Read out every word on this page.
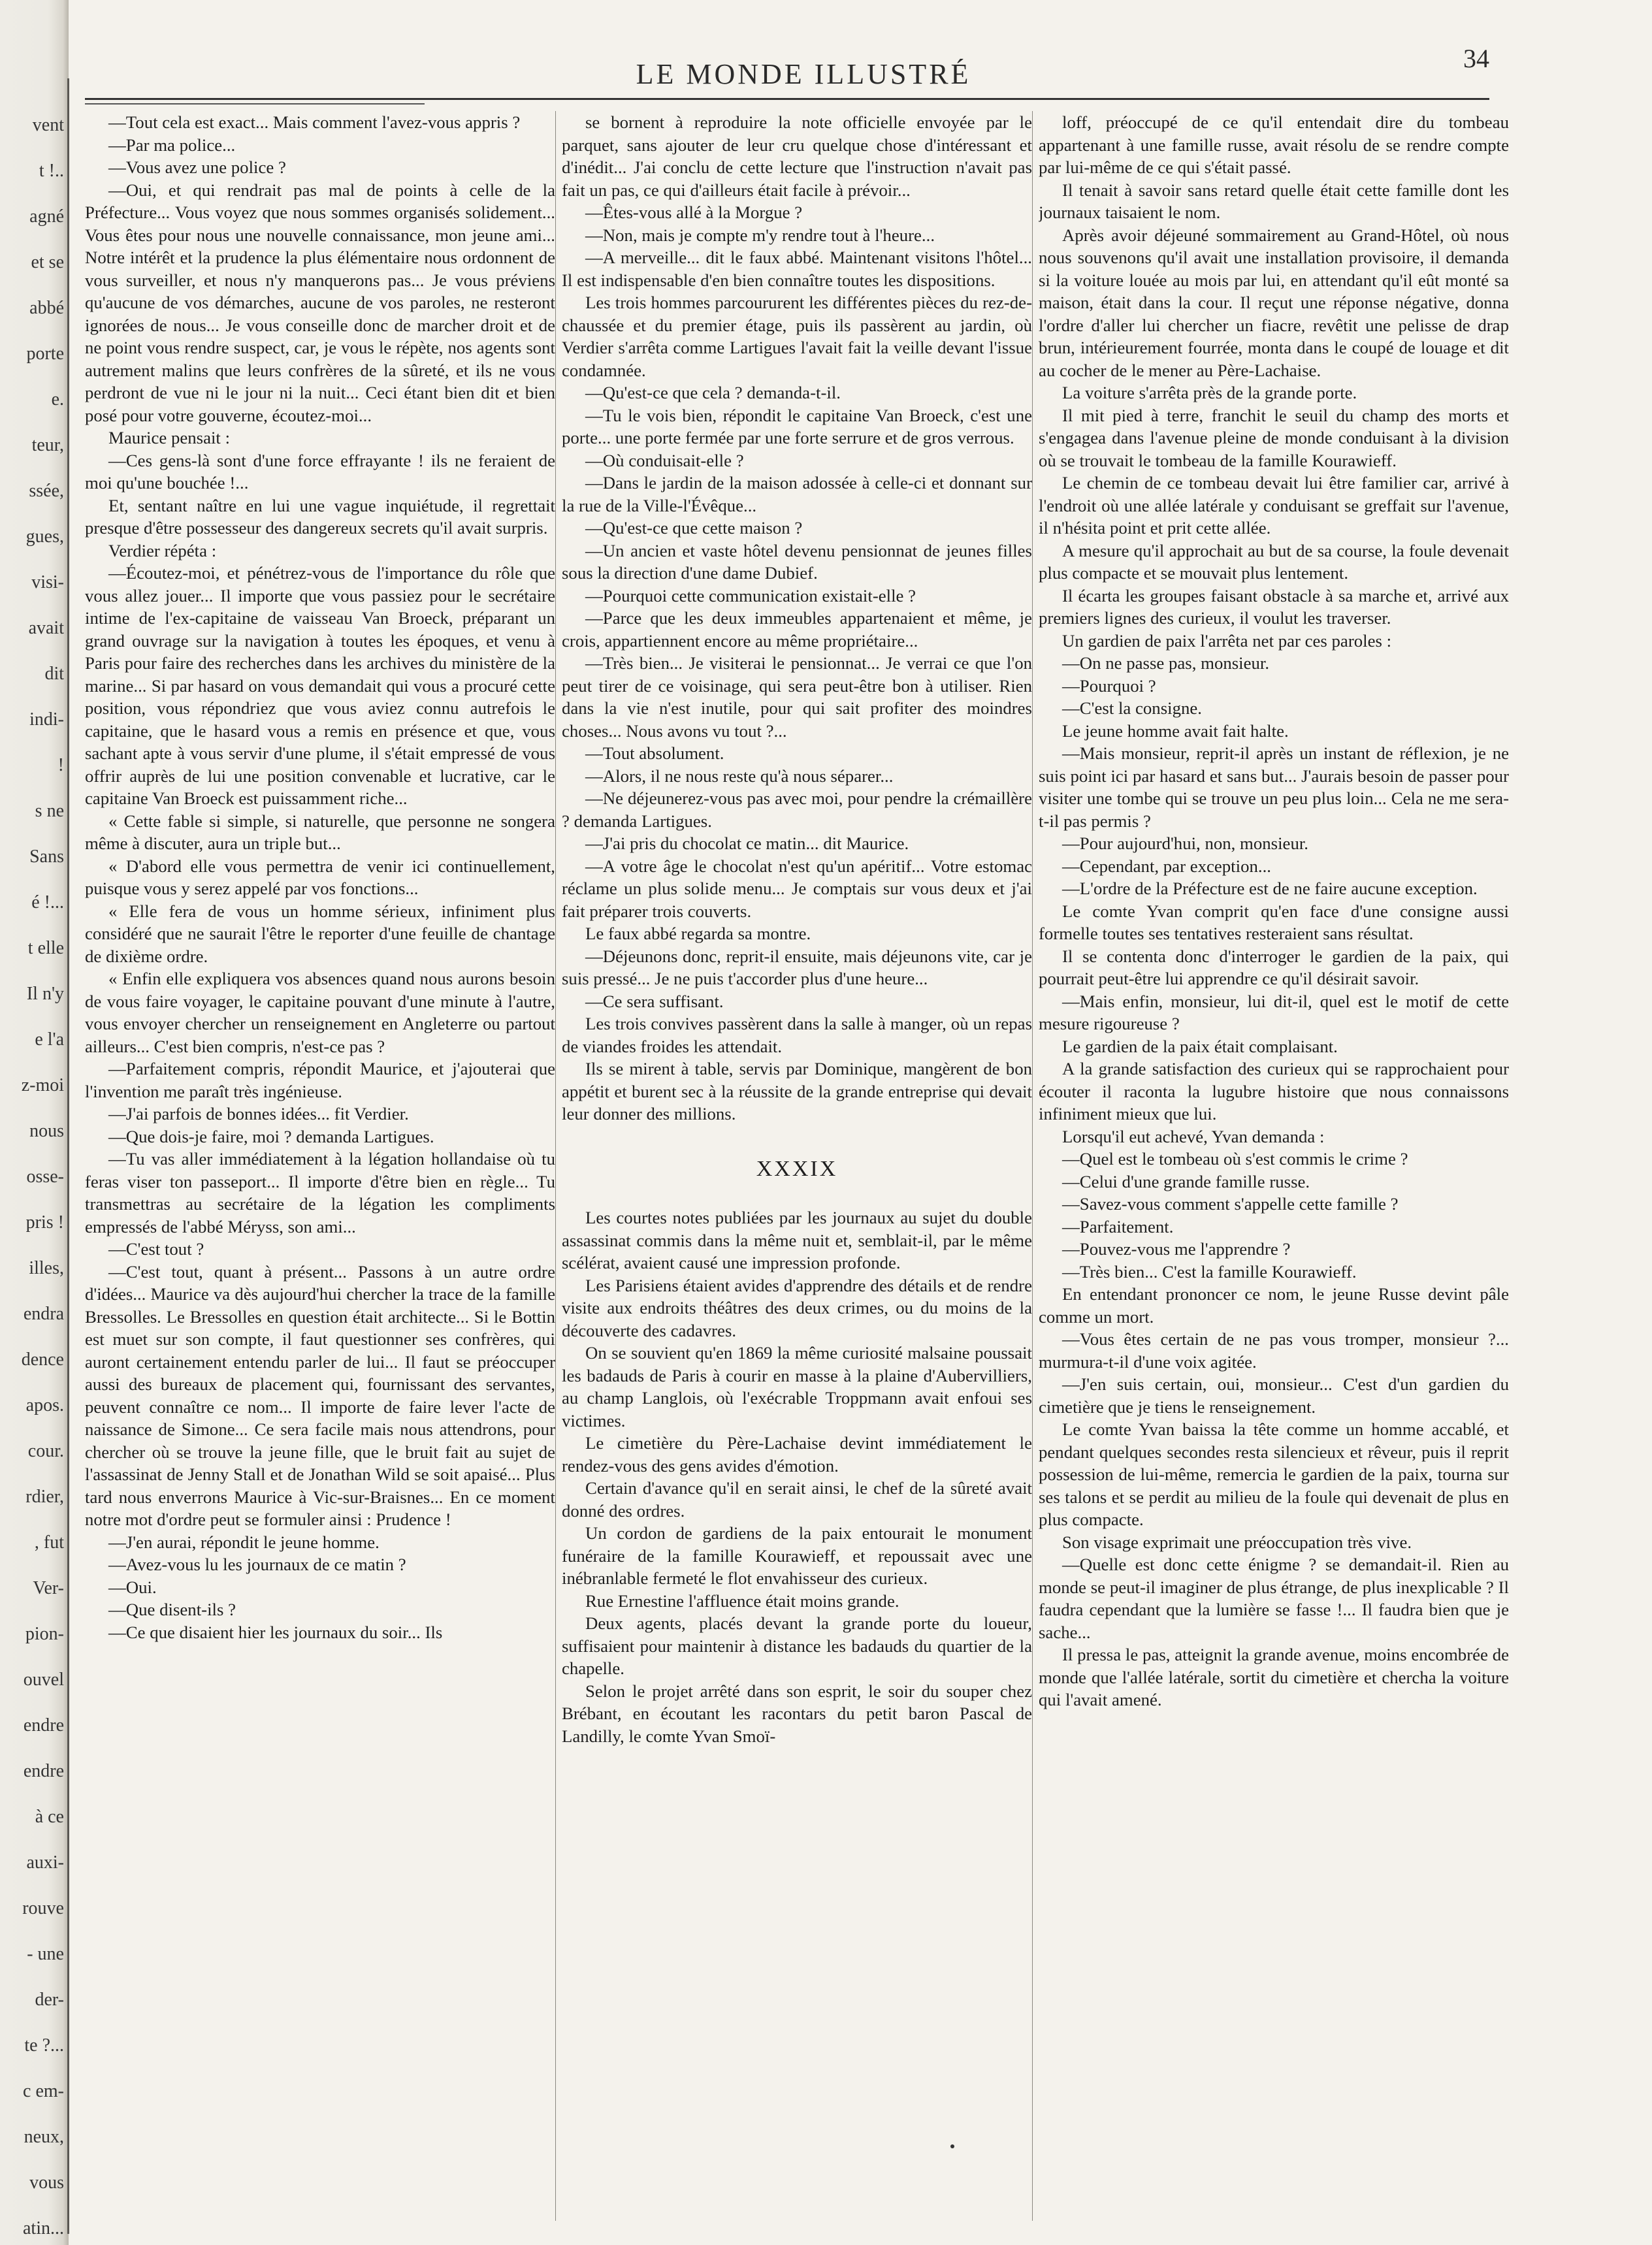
vent
t !..
agné
et se
abbé
porte
e.
teur,
ssée,
gues,
visi-
avait
dit
indi-
!
s ne
Sans
é !...
t elle
Il n'y
e l'a
z-moi
nous
osse-
pris !
illes,
endra
dence
apos.
cour.
rdier,
, fut
Ver-
pion-
ouvel
endre
endre
à ce
auxi-
rouve
- une
der-
te ?...
c em-
neux,
vous
atin...
LE MONDE ILLUSTRÉ	34

—Tout cela est exact... Mais comment l'avez-vous appris ?

—Par ma police...

—Vous avez une police ?

—Oui, et qui rendrait pas mal de points à celle de la Préfecture... Vous voyez que nous sommes organisés solidement... Vous êtes pour nous une nouvelle connaissance, mon jeune ami... Notre intérêt et la prudence la plus élémentaire nous ordonnent de vous surveiller, et nous n'y manquerons pas... Je vous préviens qu'aucune de vos démarches, aucune de vos paroles, ne resteront ignorées de nous... Je vous conseille donc de marcher droit et de ne point vous rendre suspect, car, je vous le répète, nos agents sont autrement malins que leurs confrères de la sûreté, et ils ne vous perdront de vue ni le jour ni la nuit... Ceci étant bien dit et bien posé pour votre gouverne, écoutez-moi...

Maurice pensait :

—Ces gens-là sont d'une force effrayante ! ils ne feraient de moi qu'une bouchée !...

Et, sentant naître en lui une vague inquiétude, il regrettait presque d'être possesseur des dangereux secrets qu'il avait surpris.

Verdier répéta :

—Écoutez-moi, et pénétrez-vous de l'importance du rôle que vous allez jouer... Il importe que vous passiez pour le secrétaire intime de l'ex-capitaine de vaisseau Van Broeck, préparant un grand ouvrage sur la navigation à toutes les époques, et venu à Paris pour faire des recherches dans les archives du ministère de la marine... Si par hasard on vous demandait qui vous a procuré cette position, vous répondriez que vous aviez connu autrefois le capitaine, que le hasard vous a remis en présence et que, vous sachant apte à vous servir d'une plume, il s'était empressé de vous offrir auprès de lui une position convenable et lucrative, car le capitaine Van Broeck est puissamment riche...

« Cette fable si simple, si naturelle, que personne ne songera même à discuter, aura un triple but...

« D'abord elle vous permettra de venir ici continuellement, puisque vous y serez appelé par vos fonctions...

« Elle fera de vous un homme sérieux, infiniment plus considéré que ne saurait l'être le reporter d'une feuille de chantage de dixième ordre.

« Enfin elle expliquera vos absences quand nous aurons besoin de vous faire voyager, le capitaine pouvant d'une minute à l'autre, vous envoyer chercher un renseignement en Angleterre ou partout ailleurs... C'est bien compris, n'est-ce pas ?

—Parfaitement compris, répondit Maurice, et j'ajouterai que l'invention me paraît très ingénieuse.

—J'ai parfois de bonnes idées... fit Verdier.

—Que dois-je faire, moi ? demanda Lartigues.

—Tu vas aller immédiatement à la légation hollandaise où tu feras viser ton passeport... Il importe d'être bien en règle... Tu transmettras au secrétaire de la légation les compliments empressés de l'abbé Méryss, son ami...

—C'est tout ?

—C'est tout, quant à présent... Passons à un autre ordre d'idées... Maurice va dès aujourd'hui chercher la trace de la famille Bressolles. Le Bressolles en question était architecte... Si le Bottin est muet sur son compte, il faut questionner ses confrères, qui auront certainement entendu parler de lui... Il faut se préoccuper aussi des bureaux de placement qui, fournissant des servantes, peuvent connaître ce nom... Il importe de faire lever l'acte de naissance de Simone... Ce sera facile mais nous attendrons, pour chercher où se trouve la jeune fille, que le bruit fait au sujet de l'assassinat de Jenny Stall et de Jonathan Wild se soit apaisé... Plus tard nous enverrons Maurice à Vic-sur-Braisnes... En ce moment notre mot d'ordre peut se formuler ainsi : Prudence !

—J'en aurai, répondit le jeune homme.

—Avez-vous lu les journaux de ce matin ?

—Oui.

—Que disent-ils ?

—Ce que disaient hier les journaux du soir... Ils

se bornent à reproduire la note officielle envoyée par le parquet, sans ajouter de leur cru quelque chose d'intéressant et d'inédit... J'ai conclu de cette lecture que l'instruction n'avait pas fait un pas, ce qui d'ailleurs était facile à prévoir...

—Êtes-vous allé à la Morgue ?

—Non, mais je compte m'y rendre tout à l'heure...

—A merveille... dit le faux abbé. Maintenant visitons l'hôtel... Il est indispensable d'en bien connaître toutes les dispositions.

Les trois hommes parcoururent les différentes pièces du rez-de-chaussée et du premier étage, puis ils passèrent au jardin, où Verdier s'arrêta comme Lartigues l'avait fait la veille devant l'issue condamnée.

—Qu'est-ce que cela ? demanda-t-il.

—Tu le vois bien, répondit le capitaine Van Broeck, c'est une porte... une porte fermée par une forte serrure et de gros verrous.

—Où conduisait-elle ?

—Dans le jardin de la maison adossée à celle-ci et donnant sur la rue de la Ville-l'Évêque...

—Qu'est-ce que cette maison ?

—Un ancien et vaste hôtel devenu pensionnat de jeunes filles sous la direction d'une dame Dubief.

—Pourquoi cette communication existait-elle ?

—Parce que les deux immeubles appartenaient et même, je crois, appartiennent encore au même propriétaire...

—Très bien... Je visiterai le pensionnat... Je verrai ce que l'on peut tirer de ce voisinage, qui sera peut-être bon à utiliser. Rien dans la vie n'est inutile, pour qui sait profiter des moindres choses... Nous avons vu tout ?...

—Tout absolument.

—Alors, il ne nous reste qu'à nous séparer...

—Ne déjeunerez-vous pas avec moi, pour pendre la crémaillère ? demanda Lartigues.

—J'ai pris du chocolat ce matin... dit Maurice.

—A votre âge le chocolat n'est qu'un apéritif... Votre estomac réclame un plus solide menu... Je comptais sur vous deux et j'ai fait préparer trois couverts.

Le faux abbé regarda sa montre.

—Déjeunons donc, reprit-il ensuite, mais déjeunons vite, car je suis pressé... Je ne puis t'accorder plus d'une heure...

—Ce sera suffisant.

Les trois convives passèrent dans la salle à manger, où un repas de viandes froides les attendait.

Ils se mirent à table, servis par Dominique, mangèrent de bon appétit et burent sec à la réussite de la grande entreprise qui devait leur donner des millions.

XXXIX

Les courtes notes publiées par les journaux au sujet du double assassinat commis dans la même nuit et, semblait-il, par le même scélérat, avaient causé une impression profonde.

Les Parisiens étaient avides d'apprendre des détails et de rendre visite aux endroits théâtres des deux crimes, ou du moins de la découverte des cadavres.

On se souvient qu'en 1869 la même curiosité malsaine poussait les badauds de Paris à courir en masse à la plaine d'Aubervilliers, au champ Langlois, où l'exécrable Troppmann avait enfoui ses victimes.

Le cimetière du Père-Lachaise devint immédiatement le rendez-vous des gens avides d'émotion.

Certain d'avance qu'il en serait ainsi, le chef de la sûreté avait donné des ordres.

Un cordon de gardiens de la paix entourait le monument funéraire de la famille Kourawieff, et repoussait avec une inébranlable fermeté le flot envahisseur des curieux.

Rue Ernestine l'affluence était moins grande.

Deux agents, placés devant la grande porte du loueur, suffisaient pour maintenir à distance les badauds du quartier de la chapelle.

Selon le projet arrêté dans son esprit, le soir du souper chez Brébant, en écoutant les racontars du petit baron Pascal de Landilly, le comte Yvan Smoï-

loff, préoccupé de ce qu'il entendait dire du tombeau appartenant à une famille russe, avait résolu de se rendre compte par lui-même de ce qui s'était passé.

Il tenait à savoir sans retard quelle était cette famille dont les journaux taisaient le nom.

Après avoir déjeuné sommairement au Grand-Hôtel, où nous nous souvenons qu'il avait une installation provisoire, il demanda si la voiture louée au mois par lui, en attendant qu'il eût monté sa maison, était dans la cour. Il reçut une réponse négative, donna l'ordre d'aller lui chercher un fiacre, revêtit une pelisse de drap brun, intérieurement fourrée, monta dans le coupé de louage et dit au cocher de le mener au Père-Lachaise.

La voiture s'arrêta près de la grande porte.

Il mit pied à terre, franchit le seuil du champ des morts et s'engagea dans l'avenue pleine de monde conduisant à la division où se trouvait le tombeau de la famille Kourawieff.

Le chemin de ce tombeau devait lui être familier car, arrivé à l'endroit où une allée latérale y conduisant se greffait sur l'avenue, il n'hésita point et prit cette allée.

A mesure qu'il approchait au but de sa course, la foule devenait plus compacte et se mouvait plus lentement.

Il écarta les groupes faisant obstacle à sa marche et, arrivé aux premiers lignes des curieux, il voulut les traverser.

Un gardien de paix l'arrêta net par ces paroles :

—On ne passe pas, monsieur.

—Pourquoi ?

—C'est la consigne.

Le jeune homme avait fait halte.

—Mais monsieur, reprit-il après un instant de réflexion, je ne suis point ici par hasard et sans but... J'aurais besoin de passer pour visiter une tombe qui se trouve un peu plus loin... Cela ne me sera-t-il pas permis ?

—Pour aujourd'hui, non, monsieur.

—Cependant, par exception...

—L'ordre de la Préfecture est de ne faire aucune exception.

Le comte Yvan comprit qu'en face d'une consigne aussi formelle toutes ses tentatives resteraient sans résultat.

Il se contenta donc d'interroger le gardien de la paix, qui pourrait peut-être lui apprendre ce qu'il désirait savoir.

—Mais enfin, monsieur, lui dit-il, quel est le motif de cette mesure rigoureuse ?

Le gardien de la paix était complaisant.

A la grande satisfaction des curieux qui se rapprochaient pour écouter il raconta la lugubre histoire que nous connaissons infiniment mieux que lui.

Lorsqu'il eut achevé, Yvan demanda :

—Quel est le tombeau où s'est commis le crime ?

—Celui d'une grande famille russe.

—Savez-vous comment s'appelle cette famille ?

—Parfaitement.

—Pouvez-vous me l'apprendre ?

—Très bien... C'est la famille Kourawieff.

En entendant prononcer ce nom, le jeune Russe devint pâle comme un mort.

—Vous êtes certain de ne pas vous tromper, monsieur ?... murmura-t-il d'une voix agitée.

—J'en suis certain, oui, monsieur... C'est d'un gardien du cimetière que je tiens le renseignement.

Le comte Yvan baissa la tête comme un homme accablé, et pendant quelques secondes resta silencieux et rêveur, puis il reprit possession de lui-même, remercia le gardien de la paix, tourna sur ses talons et se perdit au milieu de la foule qui devenait de plus en plus compacte.

Son visage exprimait une préoccupation très vive.

—Quelle est donc cette énigme ? se demandait-il. Rien au monde se peut-il imaginer de plus étrange, de plus inexplicable ? Il faudra cependant que la lumière se fasse !... Il faudra bien que je sache...

Il pressa le pas, atteignit la grande avenue, moins encombrée de monde que l'allée latérale, sortit du cimetière et chercha la voiture qui l'avait amené.
